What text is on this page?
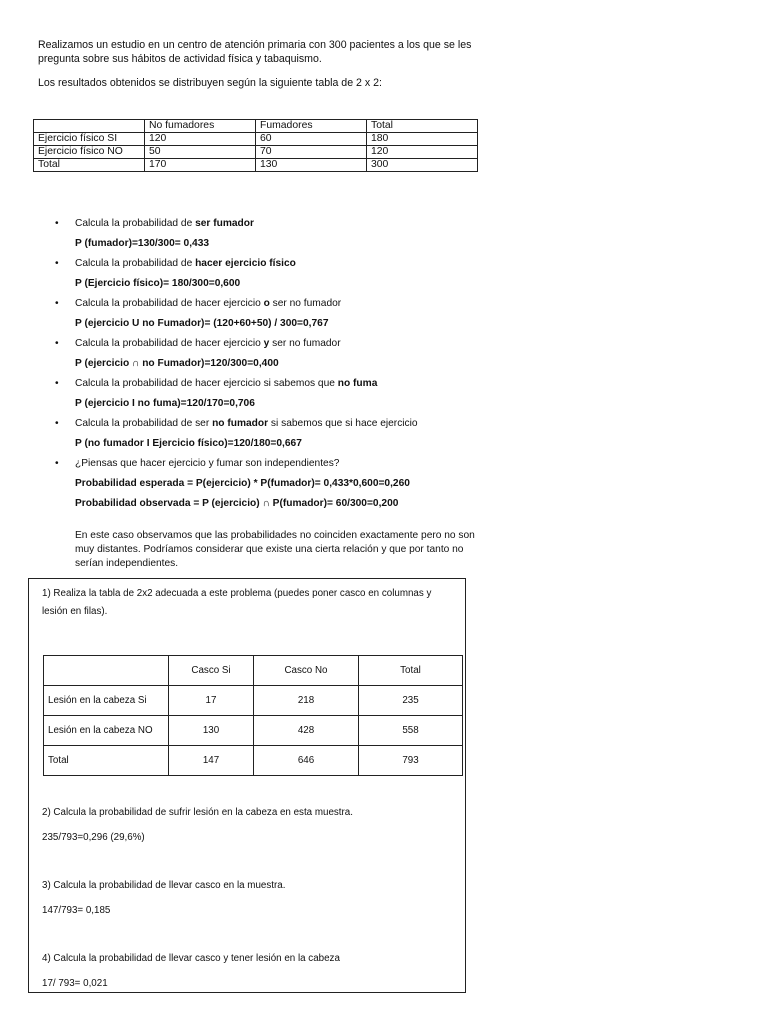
Realizamos un estudio en un centro de atención primaria con 300 pacientes a los que se les pregunta sobre sus hábitos de actividad física y tabaquismo.

Los resultados obtenidos se distribuyen según la siguiente tabla de 2 x 2:

	No fumadores	Fumadores	Total
Ejercicio físico SI	120	60	180
Ejercicio físico NO	50	70	120
Total	170	130	300
• Calcula la probabilidad de ser fumador
P (fumador)=130/300= 0,433
• Calcula la probabilidad de hacer ejercicio físico
P (Ejercicio físico)= 180/300=0,600
• Calcula la probabilidad de hacer ejercicio o ser no fumador
P (ejercicio U no Fumador)= (120+60+50) / 300=0,767
• Calcula la probabilidad de hacer ejercicio y ser no fumador
P (ejercicio ∩ no Fumador)=120/300=0,400
• Calcula la probabilidad de hacer ejercicio si sabemos que no fuma
P (ejercicio I no fuma)=120/170=0,706
• Calcula la probabilidad de ser no fumador si sabemos que si hace ejercicio
P (no fumador I Ejercicio físico)=120/180=0,667
• ¿Piensas que hacer ejercicio y fumar son independientes?
Probabilidad esperada = P(ejercicio) * P(fumador)= 0,433*0,600=0,260
Probabilidad observada = P (ejercicio) ∩ P(fumador)= 60/300=0,200
En este caso observamos que las probabilidades no coinciden exactamente pero no son muy distantes. Podríamos considerar que existe una cierta relación y que por tanto no serían independientes.
1) Realiza la tabla de 2x2 adecuada a este problema (puedes poner casco en columnas y lesión en filas).
	Casco Si	Casco No	Total
Lesión en la cabeza Si	17	218	235
Lesión en la cabeza NO	130	428	558
Total	147	646	793
2) Calcula la probabilidad de sufrir lesión en la cabeza en esta muestra.
235/793=0,296 (29,6%)
3) Calcula la probabilidad de llevar casco en la muestra.
147/793= 0,185
4) Calcula la probabilidad de llevar casco y tener lesión en la cabeza
17/ 793= 0,021
